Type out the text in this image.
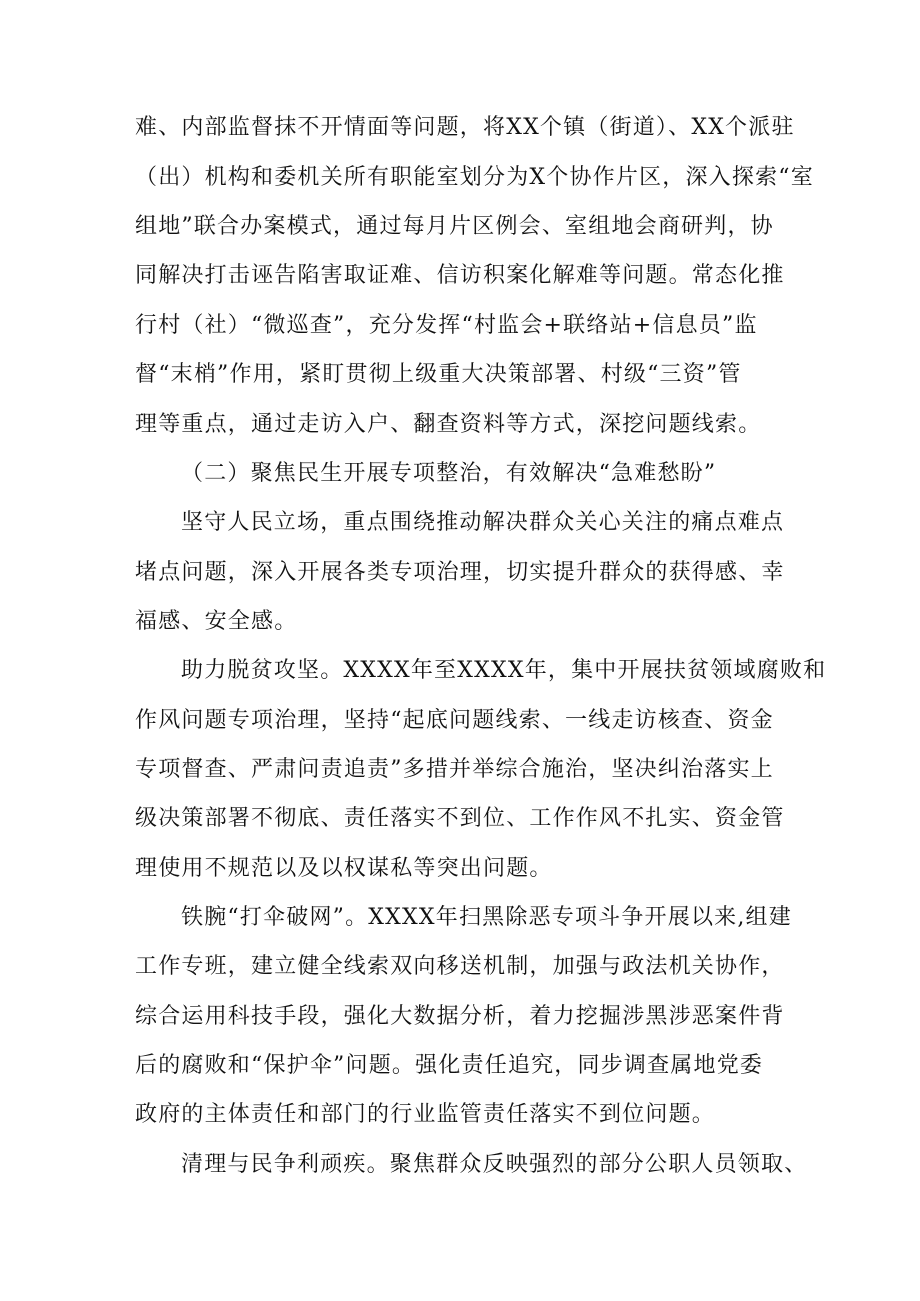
难、内部监督抹不开情面等问题，将XX个镇（街道）、XX个派驻
（出）机构和委机关所有职能室划分为X个协作片区，深入探索“室
组地”联合办案模式，通过每月片区例会、室组地会商研判，协
同解决打击诬告陷害取证难、信访积案化解难等问题。常态化推
行村（社）“微巡查”，充分发挥“村监会+联络站+信息员”监
督“末梢”作用，紧盯贯彻上级重大决策部署、村级“三资”管
理等重点，通过走访入户、翻查资料等方式，深挖问题线索。
（二）聚焦民生开展专项整治，有效解决“急难愁盼”
坚守人民立场，重点围绕推动解决群众关心关注的痛点难点
堵点问题，深入开展各类专项治理，切实提升群众的获得感、幸
福感、安全感。
助力脱贫攻坚。XXXX年至XXXX年，集中开展扶贫领域腐败和
作风问题专项治理，坚持“起底问题线索、一线走访核查、资金
专项督查、严肃问责追责”多措并举综合施治，坚决纠治落实上
级决策部署不彻底、责任落实不到位、工作作风不扎实、资金管
理使用不规范以及以权谋私等突出问题。
铁腕“打伞破网”。XXXX年扫黑除恶专项斗争开展以来,组建
工作专班，建立健全线索双向移送机制，加强与政法机关协作，
综合运用科技手段，强化大数据分析，着力挖掘涉黑涉恶案件背
后的腐败和“保护伞”问题。强化责任追究，同步调查属地党委
政府的主体责任和部门的行业监管责任落实不到位问题。
清理与民争利顽疾。聚焦群众反映强烈的部分公职人员领取、
